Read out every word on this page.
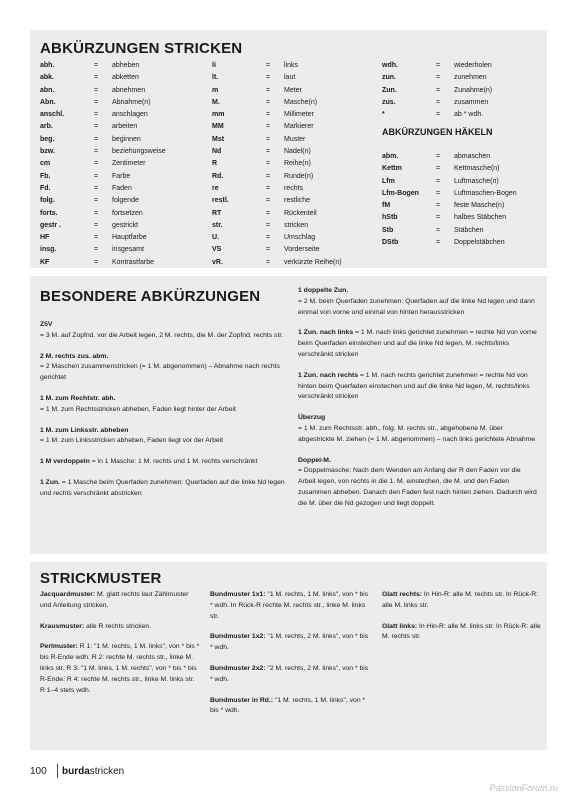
ABKÜRZUNGEN STRICKEN
abh.	= abheben
abk.	= abketten
abn.	= abnehmen
Abn.	= Abnahme(n)
anschl.	= anschlagen
arb.	= arbeiten
beg.	= beginnen
bzw.	= beziehungsweise
cm	= Zentimeter
Fb.	= Farbe
Fd.	= Faden
folg.	= folgende
forts.	= fortsetzen
gestr .	= gestrickt
HF	= Hauptfarbe
insg.	= insgesamt
KF	= Kontrastfarbe
li	= links
lt.	= laut
m	= Meter
M.	= Masche(n)
mm	= Millimeter
MM	= Markierer
Mst	= Muster
Nd	= Nadel(n)
R	= Reihe(n)
Rd.	= Runde(n)
re	= rechts
restl.	= restliche
RT	= Rückenteil
str.	= stricken
U.	= Umschlag
VS	= Vorderseite
vR.	= verkürzte Reihe(n)
wdh.	= wiederholen
zun.	= zunehmen
Zun.	= Zunahme(n)
zus.	= zusammen
*	= ab * wdh.
ABKÜRZUNGEN HÄKELN
abm.	= abmaschen
Kettm	= Kettmasche(n)
Lfm	= Luftmasche(n)
Lfm-Bogen = Luftmaschen-Bogen
fM	= feste Masche(n)
hStb	= halbes Stäbchen
Stb	= Stäbchen
DStb	= Doppelstäbchen
BESONDERE ABKÜRZUNGEN
Z5V
= 3 M. auf Zopfnd. vor die Arbeit legen, 2 M. rechts, die M. der Zopfnd. rechts str.
2 M. rechts zus. abm.
= 2 Maschen zusammenstricken (= 1 M. abgenommen) – Abnahme nach rechts gerichtet
1 M. zum Rechtstr. abh.
= 1 M. zum Rechtsstricken abheben, Faden liegt hinter der Arbeit
1 M. zum Linksstr. abheben
= 1 M. zum Linksstricken abheben, Faden liegt vor der Arbeit
1 M verdoppeln = in 1 Masche: 1 M. rechts und 1 M. rechts verschränkt
1 Zun. = 1 Masche beim Querfaden zunehmen: Querfaden auf die linke Nd legen und rechts verschränkt abstricken
1 doppelte Zun.
= 2 M. beim Querfaden zunehmen: Querfaden auf die linke Nd legen und dann einmal von vorne und einmal von hinten herausstricken
1 Zun. nach links = 1 M. nach links gerichtet zunehmen = rechte Nd von vorne beim Querfaden einstechen und auf die linke Nd legen, M. rechts/links verschränkt stricken
1 Zun. nach rechts = 1 M. nach rechts gerichtet zunehmen = rechte Nd von hinten beim Querfaden einstechen und auf die linke Nd legen, M. rechts/links verschränkt stricken
Überzug
= 1 M. zum Rechtsstr. abh., folg. M. rechts str., abgehobene M. über abgestrickte M. ziehen (= 1 M. abgenommen) – nach links gerichtete Abnahme
Doppel-M.
= Doppelmasche: Nach dem Wenden am Anfang der R den Faden vor die Arbeit legen, von rechts in die 1. M. einstechen, die M. und den Faden zusammen abheben. Danach den Faden fest nach hinten ziehen. Dadurch wird die M. über die Nd gezogen und liegt doppelt.
STRICKMUSTER
Jacquardmuster: M. glatt rechts laut Zählmuster und Anleitung stricken.
Krausmuster: alle R rechts stricken.
Perlmuster: R 1: "1 M. rechts, 1 M. links", von * bis * bis R-Ende wdh. R 2: rechte M. rechts str., linke M. links str. R 3: "1 M. links, 1 M. rechts", von * bis * bis R-Ende. R 4: rechte M. rechts str., linke M. links str. R 1–4 stets wdh.
Bundmuster 1x1: "1 M. rechts, 1 M. links", von * bis * wdh. In Rück-R rechte M. rechts str., linke M. links str.
Bundmuster 1x2: "1 M. rechts, 2 M. links", von * bis * wdh.
Bundmuster 2x2: "2 M. rechts, 2 M. links", von * bis * wdh.
Bundmuster in Rd.: "1 M. rechts, 1 M. links", von * bis * wdh.
Glatt rechts: In Hin-R: alle M. rechts str. In Rück-R: alle M. links str.
Glatt links: In Hin-R: alle M. links str. In Rück-R: alle M. rechts str.
100 burdastricken
PassionForum.ru
